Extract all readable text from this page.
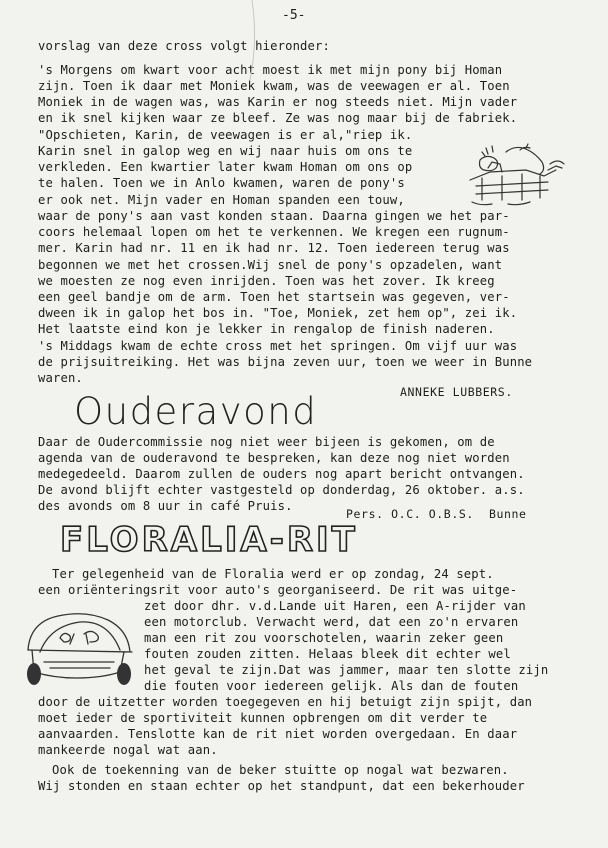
-5-
vorslag van deze cross volgt hieronder:
's Morgens om kwart voor acht moest ik met mijn pony bij Homan
zijn. Toen ik daar met Moniek kwam, was de veewagen er al. Toen
Moniek in de wagen was, was Karin er nog steeds niet. Mijn vader
en ik snel kijken waar ze bleef. Ze was nog maar bij de fabriek.
"Opschieten, Karin, de veewagen is er al,"riep ik.
Karin snel in galop weg en wij naar huis om ons te
verkleden. Een kwartier later kwam Homan om ons op
te halen. Toen we in Anlo kwamen, waren de pony's
er ook net. Mijn vader en Homan spanden een touw,
waar de pony's aan vast konden staan. Daarna gingen we het par-
coors helemaal lopen om het te verkennen. We kregen een rugnum-
mer. Karin had nr. 11 en ik had nr. 12. Toen iedereen terug was
begonnen we met het crossen.Wij snel de pony's opzadelen, want
we moesten ze nog even inrijden. Toen was het zover. Ik kreeg
een geel bandje om de arm. Toen het startsein was gegeven, ver-
dween ik in galop het bos in. "Toe, Moniek, zet hem op", zei ik.
Het laatste eind kon je lekker in rengalop de finish naderen.
's Middags kwam de echte cross met het springen. Om vijf uur was
de prijsuitreiking. Het was bijna zeven uur, toen we weer in Bunne
waren.
ANNEKE LUBBERS.
Ouderavond
Daar de Oudercommissie nog niet weer bijeen is gekomen, om de
agenda van de ouderavond te bespreken, kan deze nog niet worden
medegedeeld. Daarom zullen de ouders nog apart bericht ontvangen.
De avond blijft echter vastgesteld op donderdag, 26 oktober. a.s.
des avonds om 8 uur in café Pruis.
Pers. O.C. O.B.S.  Bunne
FLORALIA-RIT
Ter gelegenheid van de Floralia werd er op zondag, 24 sept.
een oriënteringsrit voor auto's georganiseerd. De rit was uitge-
zet door dhr. v.d.Lande uit Haren, een A-rijder van
een motorclub. Verwacht werd, dat een zo'n ervaren
man een rit zou voorschotelen, waarin zeker geen
fouten zouden zitten. Helaas bleek dit echter wel
het geval te zijn.Dat was jammer, maar ten slotte zijn
die fouten voor iedereen gelijk. Als dan de fouten
door de uitzetter worden toegegeven en hij betuigt zijn spijt, dan
moet ieder de sportiviteit kunnen opbrengen om dit verder te
aanvaarden. Tenslotte kan de rit niet worden overgedaan. En daar
mankeerde nogal wat aan.
Ook de toekenning van de beker stuitte op nogal wat bezwaren.
Wij stonden en staan echter op het standpunt, dat een bekerhouder
